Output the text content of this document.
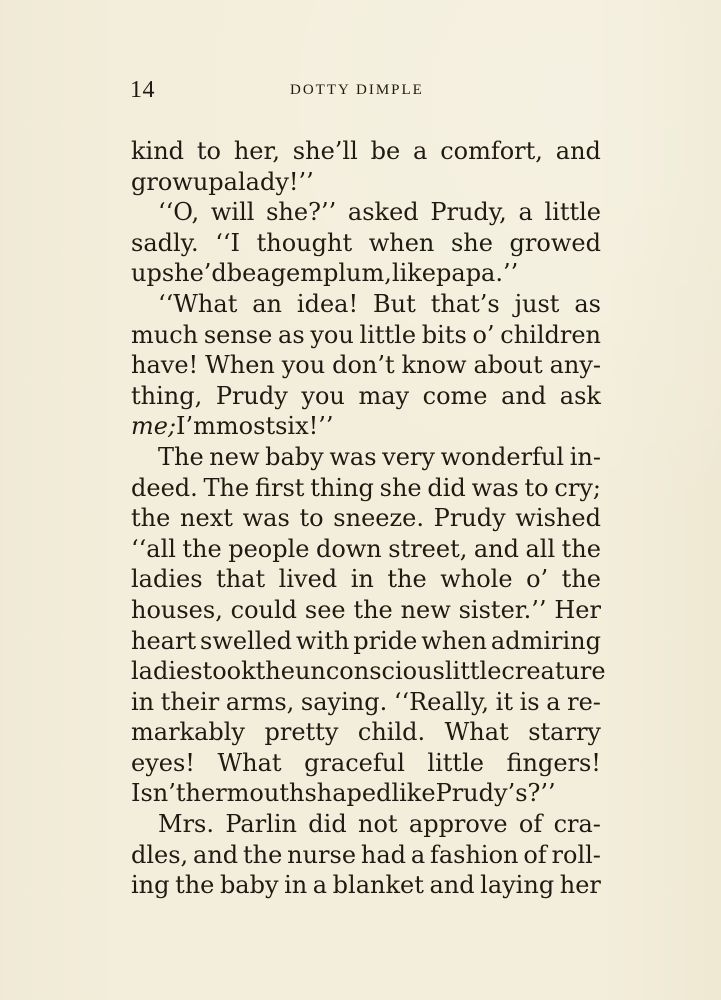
14	DOTTY DIMPLE
kind to her, she’ll be a comfort, and
grow up a lady!’’
‘‘O, will she?’’ asked Prudy, a little
sadly. ‘‘I thought when she growed
up she’d be a gemplum, like papa.’’
‘‘What an idea! But that’s just as
much sense as you little bits o’ children
have! When you don’t know about any-
thing, Prudy you may come and ask
me; I’m most six!’’
The new baby was very wonderful in-
deed. The first thing she did was to cry;
the next was to sneeze. Prudy wished
‘‘all the people down street, and all the
ladies that lived in the whole o’ the
houses, could see the new sister.’’ Her
heart swelled with pride when admiring
ladies took the unconscious little creature
in their arms, saying. ‘‘Really, it is a re-
markably pretty child. What starry
eyes! What graceful little fingers!
Isn’t her mouth shaped like Prudy’s?’’
Mrs. Parlin did not approve of cra-
dles, and the nurse had a fashion of roll-
ing the baby in a blanket and laying her
